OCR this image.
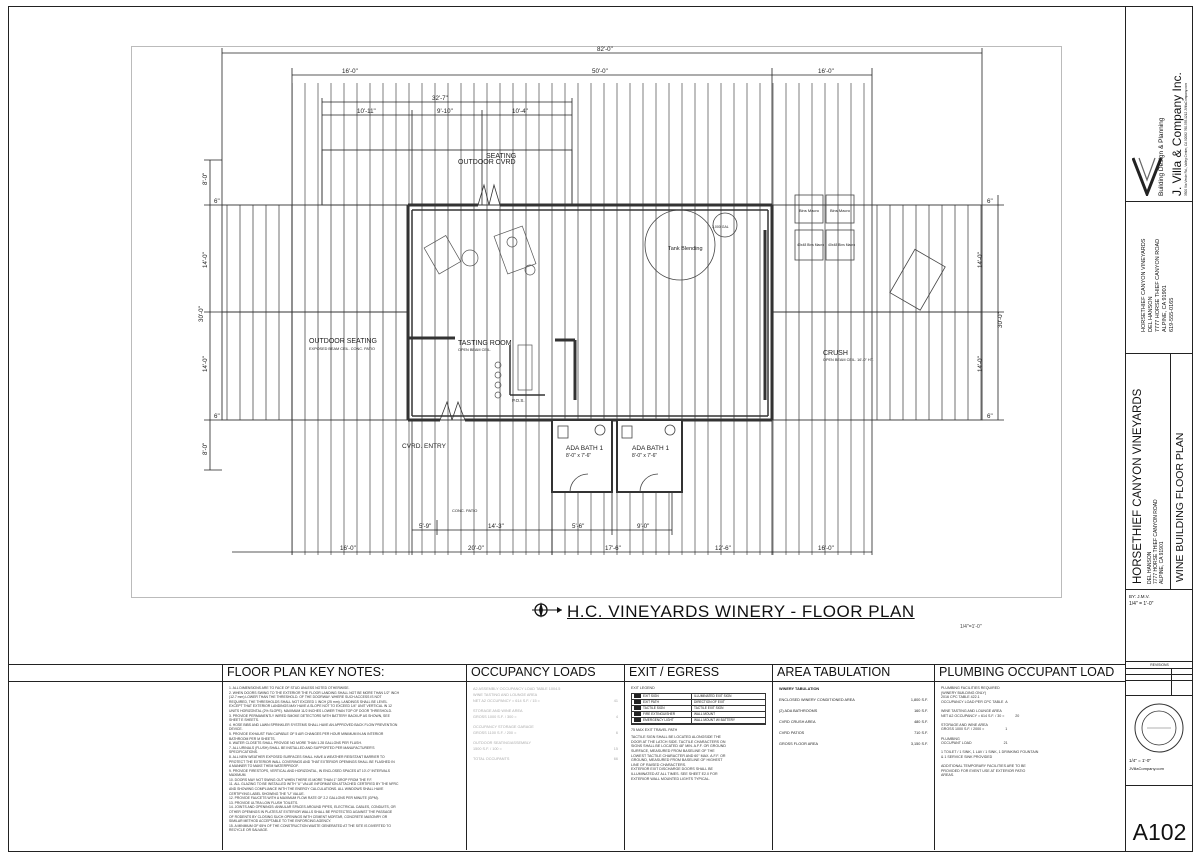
82'-0"
16'-0"	50'-0"	16'-0"
32'-7"
10'-11"	9'-10"	10'-4"
5'-9"	14'-3"	5'-6"	9'-0"
16'-0"	20'-0"	17'-6"	12'-6"	16'-0"
8'-0"
14'-0"
30'-0"
14'-0"
8'-0"
6"
6"
6"
14'-0"
30'-0"
14'-0"
6"
SEATING
OUTDOOR CVRD
OUTDOOR SEATING
EXPOSED BEAM CEIL. CONC. PATIO
TASTING ROOM
OPEN BEAM CEIL.	CRUSH
OPEN BEAM CEIL. 16'-0" HT.
CVRD. ENTRY
CONC. PATIO
ADA BATH 1
8'-0" x 7'-6"
ADA BATH 1
8'-0" x 7'-6"
Tank Blending
P.O.S.
3,000 GAL
Bins Macro	Bins Macro
40x48 Bins Macro 40x48 Bins Macro
H.C. VINEYARDS WINERY - FLOOR PLAN
1/4"=1'-0"
FLOOR PLAN KEY NOTES:
1. ALL DIMENSIONS ARE TO FACE OF STUD UNLESS NOTED OTHERWISE.
2. WHEN DOORS SWING TO THE EXTERIOR THE FLOOR LANDING SHALL NOT BE MORE THAN 1/2" INCH
(12.7 mm) LOWER THAN THE THRESHOLD. OF THE DOORWAY. WHERE SUCH ACCESS IS NOT
REQUIRED, THE THRESHOLDS SHALL NOT EXCEED 1 INCH (25 mm). LANDINGS SHALL BE LEVEL
EXCEPT THAT EXTERIOR LANDINGS MAY HAVE A SLOPE NOT TO EXCEED 1/4" UNIT VERTICAL IN 12
UNITS HORIZONTAL (2% SLOPE). MAXIMUM 11/2 INCHES LOWER THAN TOP OF DOOR THRESHOLD.
3. PROVIDE PERMANENTLY WIRED SMOKE DETECTORS WITH BATTERY BACKUP AS SHOWN, SEE
SHEET E SHEETS.
4. HOSE BIBS AND LAWN SPRINKLER SYSTEMS SHALL HAVE AN APPROVED BACK FLOW PREVENTION
DEVICE.
5. PROVIDE EXHAUST FAN CAPABLE OF 5 AIR CHANGES PER HOUR MINIMUM IN AN INTERIOR
BATHROOM PER M SHEETS.
6. WATER CLOSETS SHALL PROVIDE NO MORE THAN 1.28 GALLONS PER FLUSH.
7. ALL URINALS (FLUSH) SHALL BE INSTALLED AND SUPPORTED PER MANUFACTURER'S
SPECIFICATIONS.
8. ALL NEW WEATHER EXPOSED SURFACES SHALL HAVE A WEATHER RESISTANT BARRIER TO
PROTECT THE EXTERIOR WALL COVERINGS AND THAT EXTERIOR OPENINGS SHALL BE FLASHED IN
A MANNER TO MAKE THEM WATERPROOF.
9. PROVIDE FIRESTOPS, VERTICAL AND HORIZONTAL, IN ENCLOSED SPACES AT 10'-0" INTERVALS
MAXIMUM.
10. DOORS MAY NOT SWING OUT WHEN THERE IS MORE THAN 1" DROP FROM THE F.F.
11. ALL GLAZING TO BE INSTALLED WITH "U" VALUE INFORMATION ATTACHED CERTIFIED BY THE NFRC
AND SHOWING COMPLIANCE WITH THE ENERGY CALCULATIONS. ALL WINDOWS SHALL HAVE
CERTIFYING LABEL SHOWING THE "U" VALUE.
12. PROVIDE FAUCETS WITH A MAXIMUM FLOW RATE OF 2.2 GALLONS PER MINUTE (GPM).
13. PROVIDE ULTRA LOW FLUSH TOILETS.
14. JOINTS AND OPENINGS: ANNULAR SPACES AROUND PIPES, ELECTRICAL CABLES, CONDUITS, OR
OTHER OPENINGS IN PLATES AT EXTERIOR WALLS SHALL BE PROTECTED AGAINST THE PASSAGE
OF RODENTS BY CLOSING SUCH OPENINGS WITH CEMENT MORTAR, CONCRETE MASONRY OR
SIMILAR METHOD ACCEPTABLE TO THE ENFORCING AGENCY.
15. A MINIMUM OF 65% OF THE CONSTRUCTION WASTE GENERATED AT THE SITE IS DIVERTED TO
RECYCLE OR SALVAGE.
OCCUPANCY LOADS
A2 ASSEMBLY OCCUPANCY LOAD TABLE 1004.5
WINE TASTING AND LOUNGE AREA
NET A2 OCCUPANCY = 614 S.F. / 15 =	41
STORAGE AND WINE AREA
GROSS 1000 S.F. / 300 =	4
OCCUPANCY STORAGE GARAGE
GROSS 1100 S.F. / 200 =	6
OUTDOOR SEATING/ASSEMBLY
1500 S.F. / 100 =	15
TOTAL OCCUPANTS	66
EXIT / EGRESS
EXIT LEGEND
EXIT SIGN	ILLUMINATED EXIT SIGN
EXIT PATH	DIRECTION OF EXIT
TACTILE SIGN	TACTILE EXIT SIGN
FIRE EXTINGUISHER	WALL MOUNT
EMERGENCY LIGHT	WALL MOUNT W/ BATTERY
75 MAX EXIT TRAVEL PATH
TACTILE SIGN SHALL BE LOCATED ALONGSIDE THE
DOOR AT THE LATCH SIDE. TACTILE CHARACTERS ON
SIGNS SHALL BE LOCATED 48" MIN. A.F.F. OR GROUND
SURFACE, MEASURED FROM BASELINE OF THE
LOWEST TACTILE CHARACTER AND 60" MAX. A.F.F. OR
GROUND, MEASURED FROM BASELINE OF HIGHEST
LINE OF RAISED CHARACTERS.
EXTERIOR EXIT DISCHARGE DOORS SHALL BE
ILLUMINATED AT ALL TIMES. SEE SHEET E2.0 FOR
EXTERIOR WALL MOUNTED LIGHTS TYPICAL.
AREA TABULATION
WINERY TABULATION
ENCLOSED WINERY CONDITIONED AREA	1,800 S.F.
(2) ADA BATHROOMS	160 S.F.
CVRD CRUSH AREA	480 S.F.
CVRD PATIOS	710 S.F.
GROSS FLOOR AREA	3,150 S.F.
PLUMBING OCCUPANT LOAD
PLUMBING FACILITIES REQUIRED
(WINERY BUILDING ONLY)
2016 CPC TABLE 422.1
OCCUPANCY LOAD PER CPC TABLE  A

WINE TASTING AND LOUNGE AREA
NET A2 OCCUPANCY = 614 S.F. / 30 =           20

STORAGE AND WINE AREA
GROSS 1000 S.F. / 2000 =                     1

PLUMBING
OCCUPANT LOAD                                21

1 TOILET / 1 SINK, 1 LAV / 1 SINK, 1 DRINKING FOUNTAIN
& 1 SERVICE SINK PROVIDED

ADDITIONAL TEMPORARY FACILITIES ARE TO BE
PROVIDED FOR EVENT USE AT EXTERIOR PATIO
AREAS.
J. Villa & Company Inc.
Building Design & Planning	3500 Via Verde Rd., Valley Center, CA 92082 760.555.1212 JVillaCompany.com
HORSETHIEF CANYON VINEYARDS DEL HANSON 7777 HORSE THIEF CANYON ROAD ALPINE, CA 91901 619-555-0165
HORSETHIEF CANYON VINEYARDS DEL HANSON 7777 HORSE THIEF CANYON ROAD ALPINE, CA 91901 WINE BUILDING FLOOR PLAN
BY: J.M.V.
1/4" = 1'-0"
REVISIONS
1/4" = 1'-0"
JVillaCompany.com
A102
